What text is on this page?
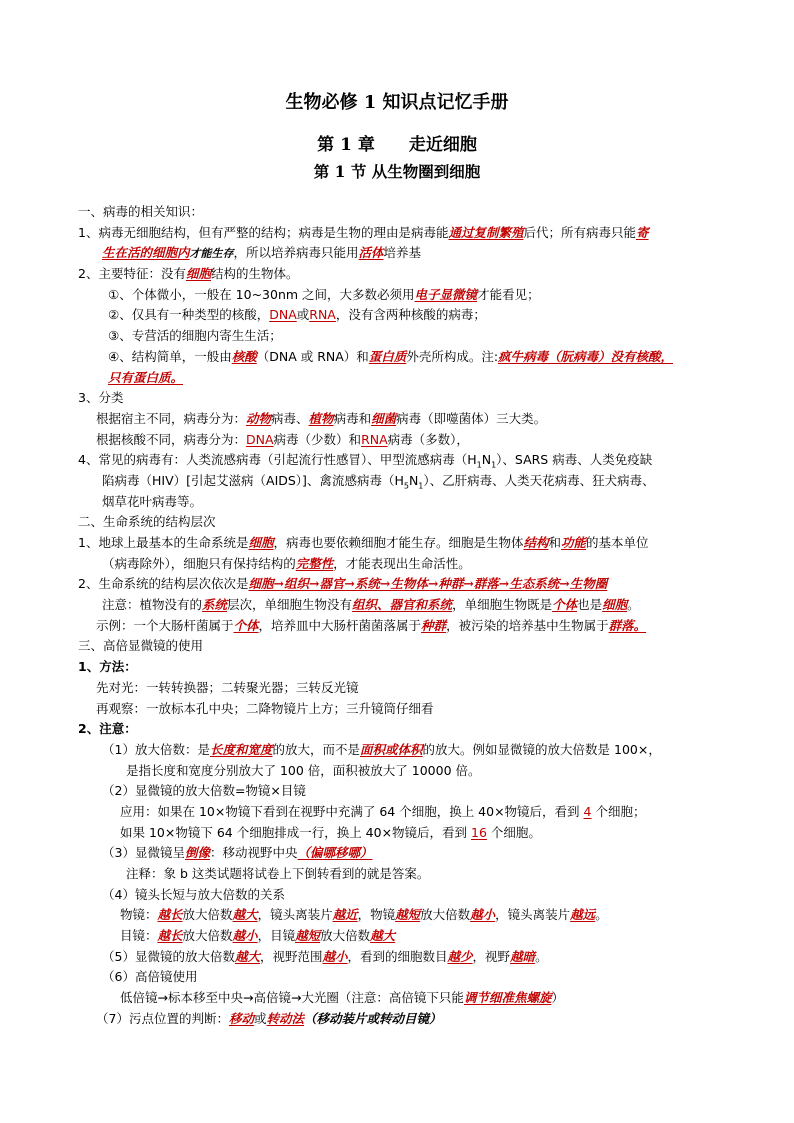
生物必修 1 知识点记忆手册
第 1 章 走近细胞
第 1 节 从生物圈到细胞
一、病毒的相关知识：
1、病毒无细胞结构，但有严整的结构；病毒是生物的理由是病毒能通过复制繁殖后代；所有病毒只能寄
生在活的细胞内才能生存，所以培养病毒只能用活体培养基
2、主要特征：没有细胞结构的生物体。
①、个体微小，一般在 10~30nm 之间，大多数必须用电子显微镜才能看见；
②、仅具有一种类型的核酸，DNA或RNA，没有含两种核酸的病毒；
③、专营活的细胞内寄生生活；
④、结构简单，一般由核酸（DNA 或 RNA）和蛋白质外壳所构成。注:疯牛病毒（朊病毒）没有核酸，
只有蛋白质。
3、分类
根据宿主不同，病毒分为：动物病毒、植物病毒和细菌病毒（即噬菌体）三大类。
根据核酸不同，病毒分为：DNA病毒（少数）和RNA病毒（多数），
4、常见的病毒有：人类流感病毒（引起流行性感冒）、甲型流感病毒$(H_1N_1)$、SARS 病毒、人类免疫缺
陷病毒（HIV）[引起艾滋病（AIDS）]、禽流感病毒$(H_5N_1)$、乙肝病毒、人类天花病毒、狂犬病毒、
烟草花叶病毒等。
二、生命系统的结构层次
1、地球上最基本的生命系统是细胞，病毒也要依赖细胞才能生存。细胞是生物体结构和功能的基本单位
（病毒除外），细胞只有保持结构的完整性，才能表现出生命活性。
2、生命系统的结构层次依次是细胞→组织→器官→系统→生物体→种群→群落→生态系统→生物圈
注意：植物没有的系统层次，单细胞生物没有组织、器官和系统，单细胞生物既是个体也是细胞。
示例：一个大肠杆菌属于个体，培养皿中大肠杆菌菌落属于种群，被污染的培养基中生物属于群落。
三、高倍显微镜的使用
1、方法：
先对光：一转转换器；二转聚光器；三转反光镜
再观察：一放标本孔中央；二降物镜片上方；三升镜筒仔细看
2、注意：
（1）放大倍数：是长度和宽度的放大，而不是面积或体积的放大。例如显微镜的放大倍数是 100×，
是指长度和宽度分别放大了 100 倍，面积被放大了 10000 倍。
（2）显微镜的放大倍数=物镜×目镜
应用：如果在 10×物镜下看到在视野中充满了 64 个细胞，换上 40×物镜后，看到 4 个细胞；
如果 10×物镜下 64 个细胞排成一行，换上 40×物镜后，看到 16 个细胞。
（3）显微镜呈倒像：移动视野中央（偏哪移哪）
注释：象 b 这类试题将试卷上下倒转看到的就是答案。
（4）镜头长短与放大倍数的关系
物镜：越长放大倍数越大，镜头离装片越近，物镜越短放大倍数越小，镜头离装片越远。
目镜：越长放大倍数越小，目镜越短放大倍数越大
（5）显微镜的放大倍数越大，视野范围越小，看到的细胞数目越少，视野越暗。
（6）高倍镜使用
低倍镜→标本移至中央→高倍镜→大光圈（注意：高倍镜下只能调节细准焦螺旋）
（7）污点位置的判断：移动或转动法（移动装片或转动目镜）
